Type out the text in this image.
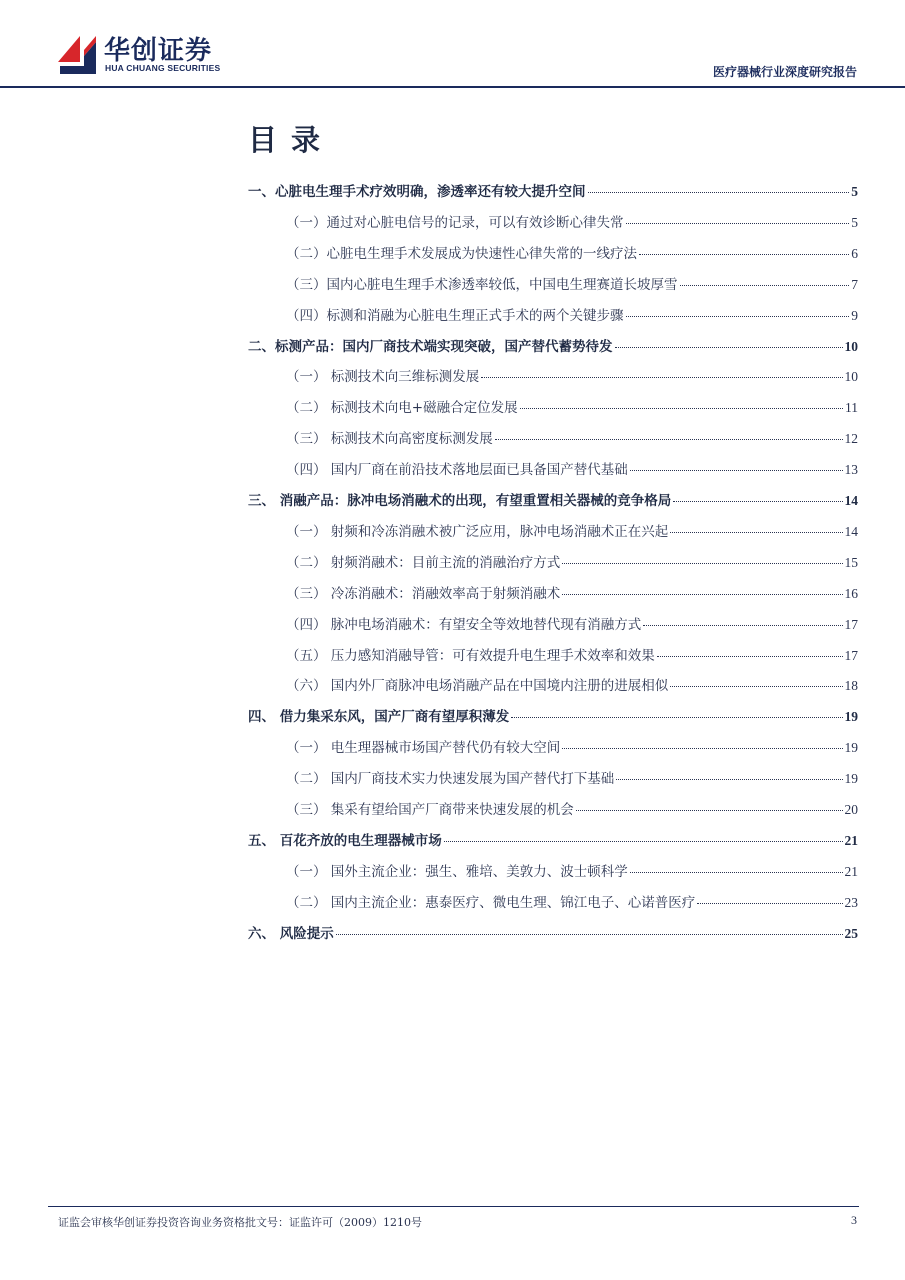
华创证券
HUA CHUANG SECURITIES	医疗器械行业深度研究报告
目录
一、心脏电生理手术疗效明确，渗透率还有较大提升空间	5
（一）通过对心脏电信号的记录，可以有效诊断心律失常	5
（二）心脏电生理手术发展成为快速性心律失常的一线疗法	6
（三）国内心脏电生理手术渗透率较低，中国电生理赛道长坡厚雪	7
（四）标测和消融为心脏电生理正式手术的两个关键步骤	9
二、标测产品：国内厂商技术端实现突破，国产替代蓄势待发	10
（一） 标测技术向三维标测发展	10
（二） 标测技术向电+磁融合定位发展	11
（三） 标测技术向高密度标测发展	12
（四） 国内厂商在前沿技术落地层面已具备国产替代基础	13
三、 消融产品：脉冲电场消融术的出现，有望重置相关器械的竞争格局	14
（一） 射频和冷冻消融术被广泛应用，脉冲电场消融术正在兴起	14
（二） 射频消融术：目前主流的消融治疗方式	15
（三） 冷冻消融术：消融效率高于射频消融术	16
（四） 脉冲电场消融术：有望安全等效地替代现有消融方式	17
（五） 压力感知消融导管：可有效提升电生理手术效率和效果	17
（六） 国内外厂商脉冲电场消融产品在中国境内注册的进展相似	18
四、 借力集采东风，国产厂商有望厚积薄发	19
（一） 电生理器械市场国产替代仍有较大空间	19
（二） 国内厂商技术实力快速发展为国产替代打下基础	19
（三） 集采有望给国产厂商带来快速发展的机会	20
五、 百花齐放的电生理器械市场	21
（一） 国外主流企业：强生、雅培、美敦力、波士顿科学	21
（二） 国内主流企业：惠泰医疗、微电生理、锦江电子、心诺普医疗	23
六、 风险提示	25
证监会审核华创证券投资咨询业务资格批文号：证监许可（2009）1210号	3
